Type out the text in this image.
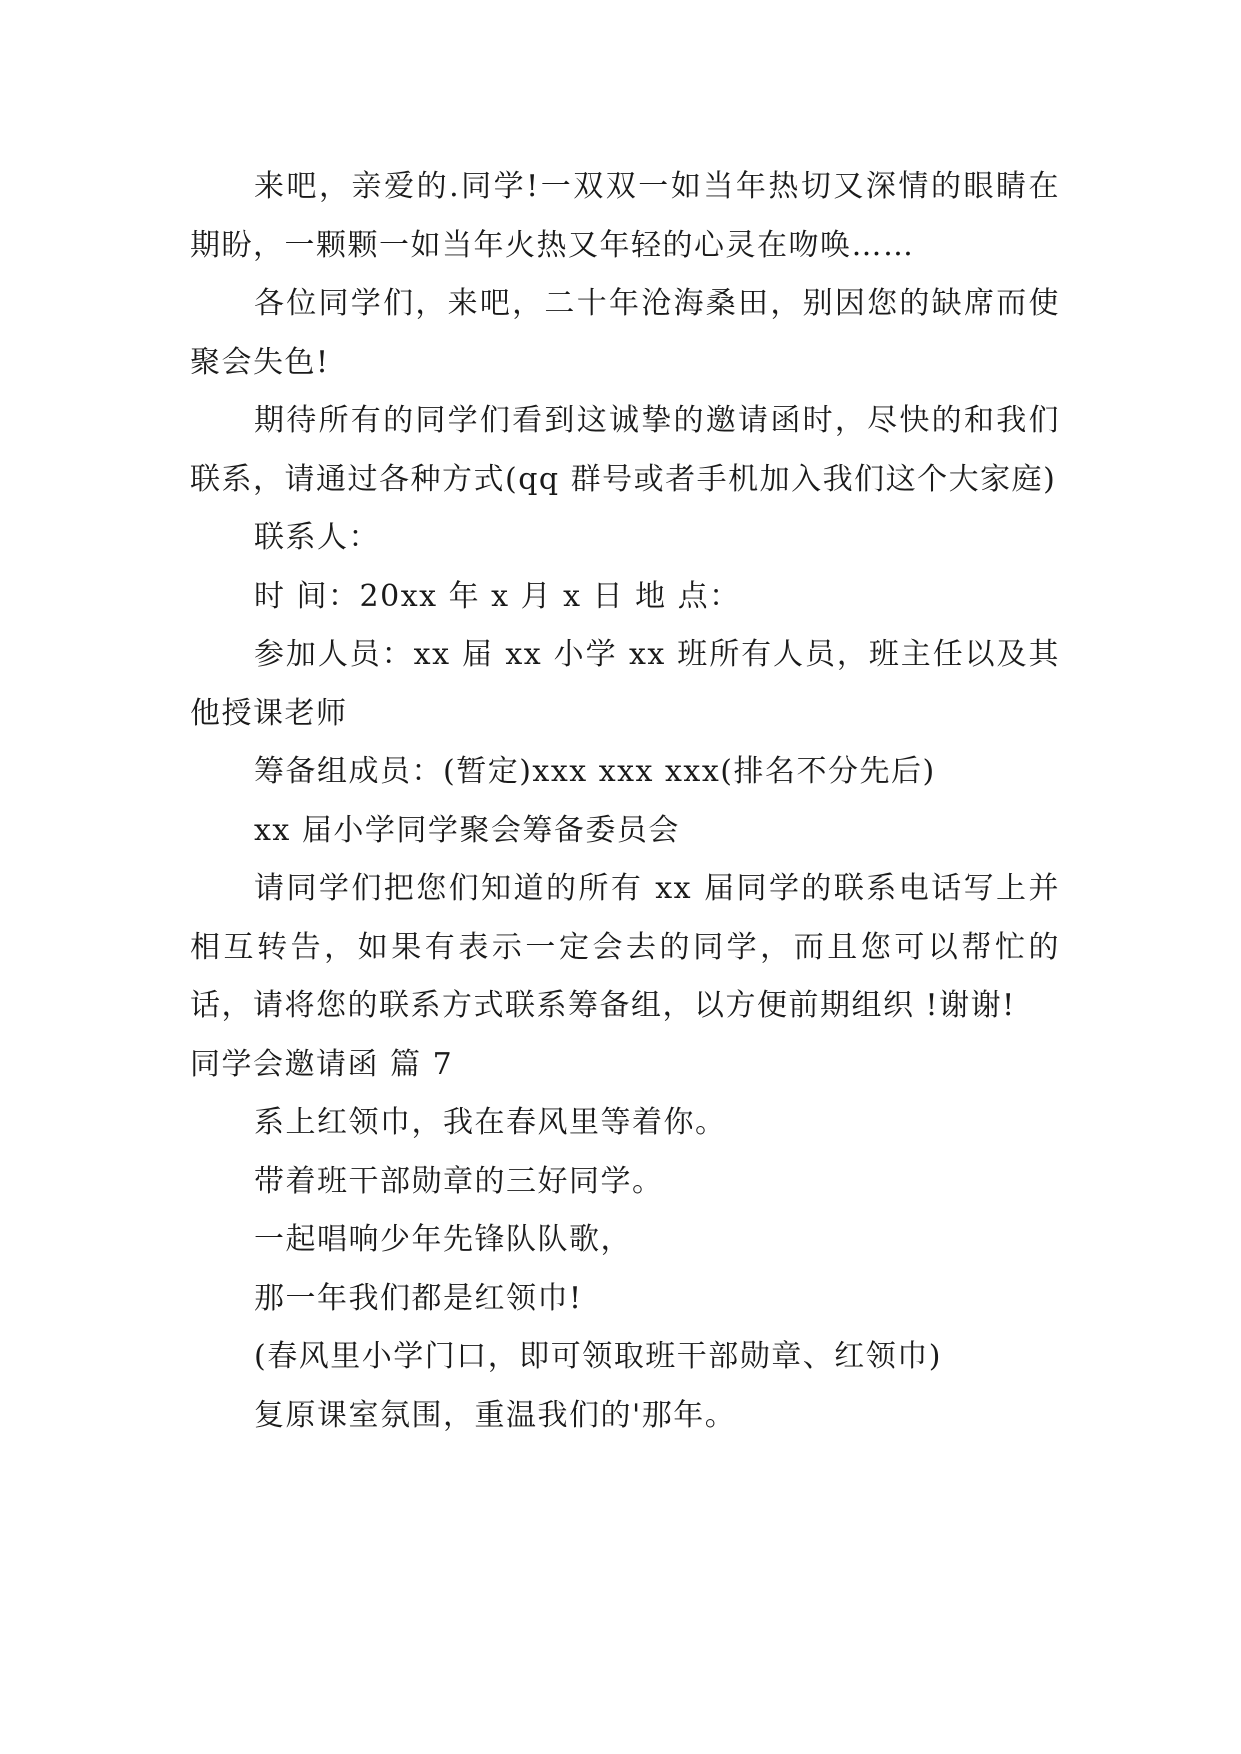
来吧，亲爱的.同学!一双双一如当年热切又深情的眼睛在期盼，一颗颗一如当年火热又年轻的心灵在吻唤……

各位同学们，来吧，二十年沧海桑田，别因您的缺席而使聚会失色!

期待所有的同学们看到这诚挚的邀请函时，尽快的和我们联系，请通过各种方式(qq 群号或者手机加入我们这个大家庭)

联系人：

时 间：20xx 年 x 月 x 日 地 点：

参加人员：xx 届 xx 小学 xx 班所有人员，班主任以及其他授课老师

筹备组成员：(暂定)xxx xxx xxx(排名不分先后)

xx 届小学同学聚会筹备委员会

请同学们把您们知道的所有 xx 届同学的联系电话写上并相互转告，如果有表示一定会去的同学，而且您可以帮忙的话，请将您的联系方式联系筹备组，以方便前期组织 !谢谢!

同学会邀请函 篇 7

系上红领巾，我在春风里等着你。

带着班干部勋章的三好同学。

一起唱响少年先锋队队歌，

那一年我们都是红领巾!

(春风里小学门口，即可领取班干部勋章、红领巾)

复原课室氛围，重温我们的'那年。
